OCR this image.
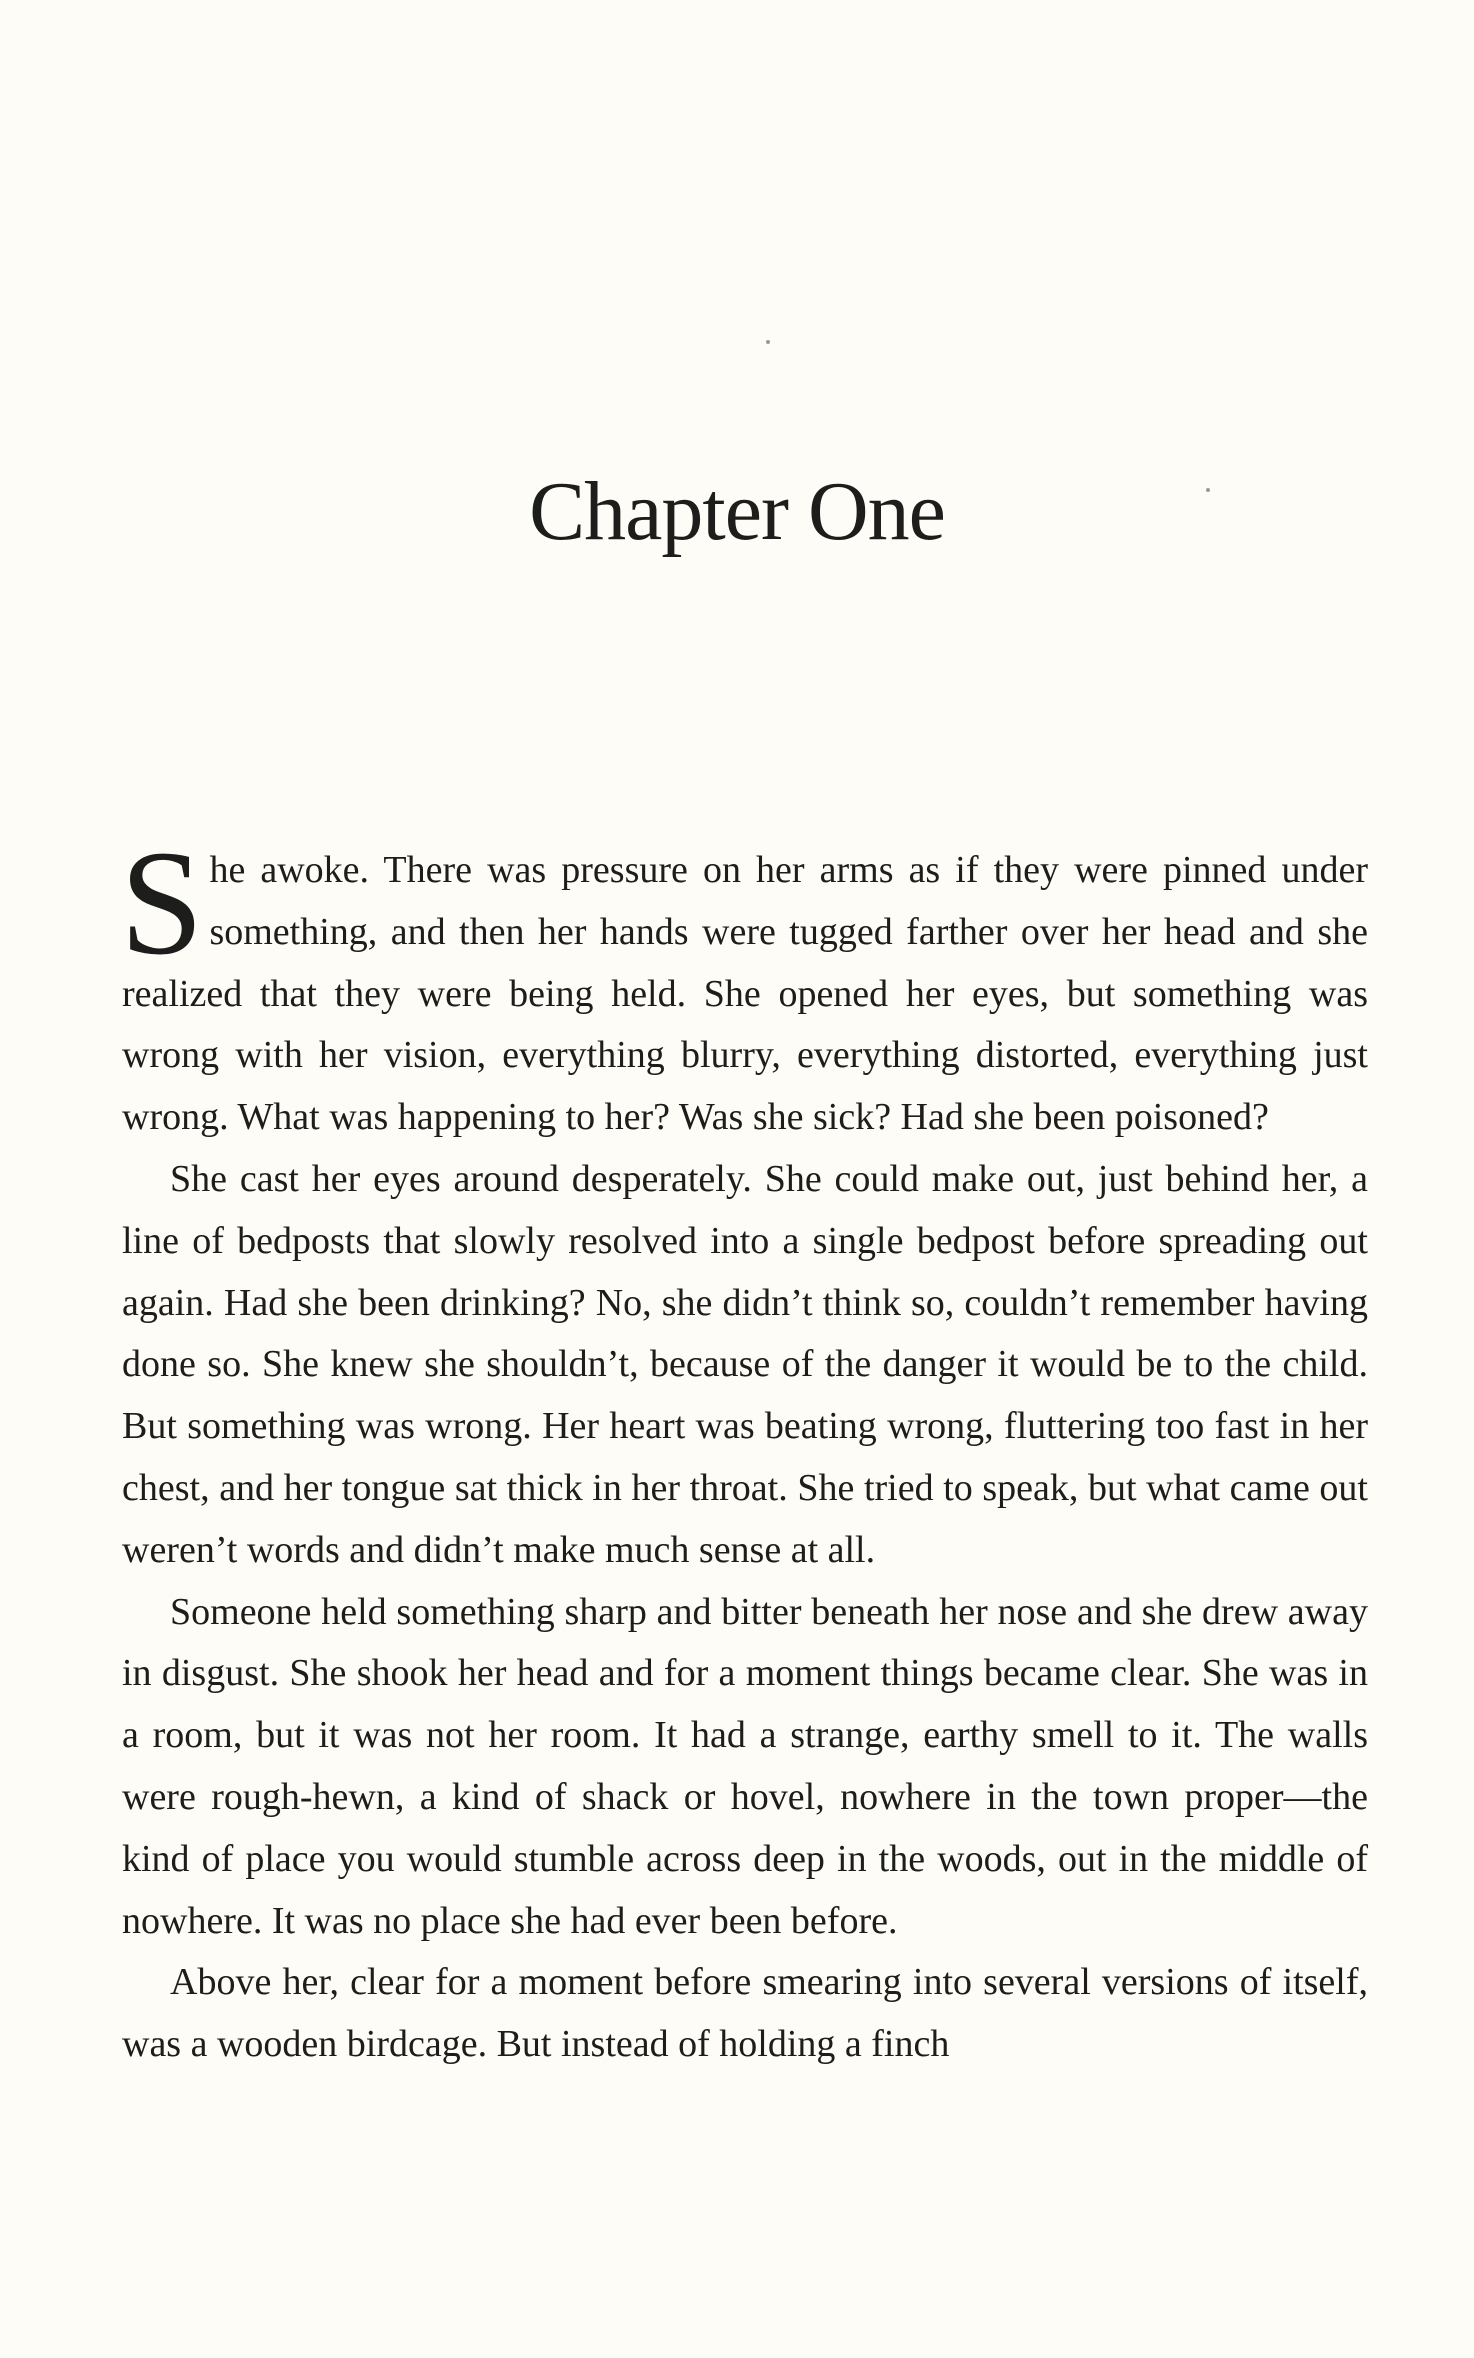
Chapter One

She awoke. There was pressure on her arms as if they were pinned under something, and then her hands were tugged farther over her head and she realized that they were being held. She opened her eyes, but something was wrong with her vision, everything blurry, everything distorted, everything just wrong. What was happening to her? Was she sick? Had she been poisoned?

She cast her eyes around desperately. She could make out, just behind her, a line of bedposts that slowly resolved into a single bedpost before spreading out again. Had she been drinking? No, she didn’t think so, couldn’t remember having done so. She knew she shouldn’t, because of the danger it would be to the child. But something was wrong. Her heart was beating wrong, fluttering too fast in her chest, and her tongue sat thick in her throat. She tried to speak, but what came out weren’t words and didn’t make much sense at all.

Someone held something sharp and bitter beneath her nose and she drew away in disgust. She shook her head and for a moment things became clear. She was in a room, but it was not her room. It had a strange, earthy smell to it. The walls were rough-hewn, a kind of shack or hovel, nowhere in the town proper—the kind of place you would stumble across deep in the woods, out in the middle of nowhere. It was no place she had ever been before.

Above her, clear for a moment before smearing into several versions of itself, was a wooden birdcage. But instead of holding a finch
